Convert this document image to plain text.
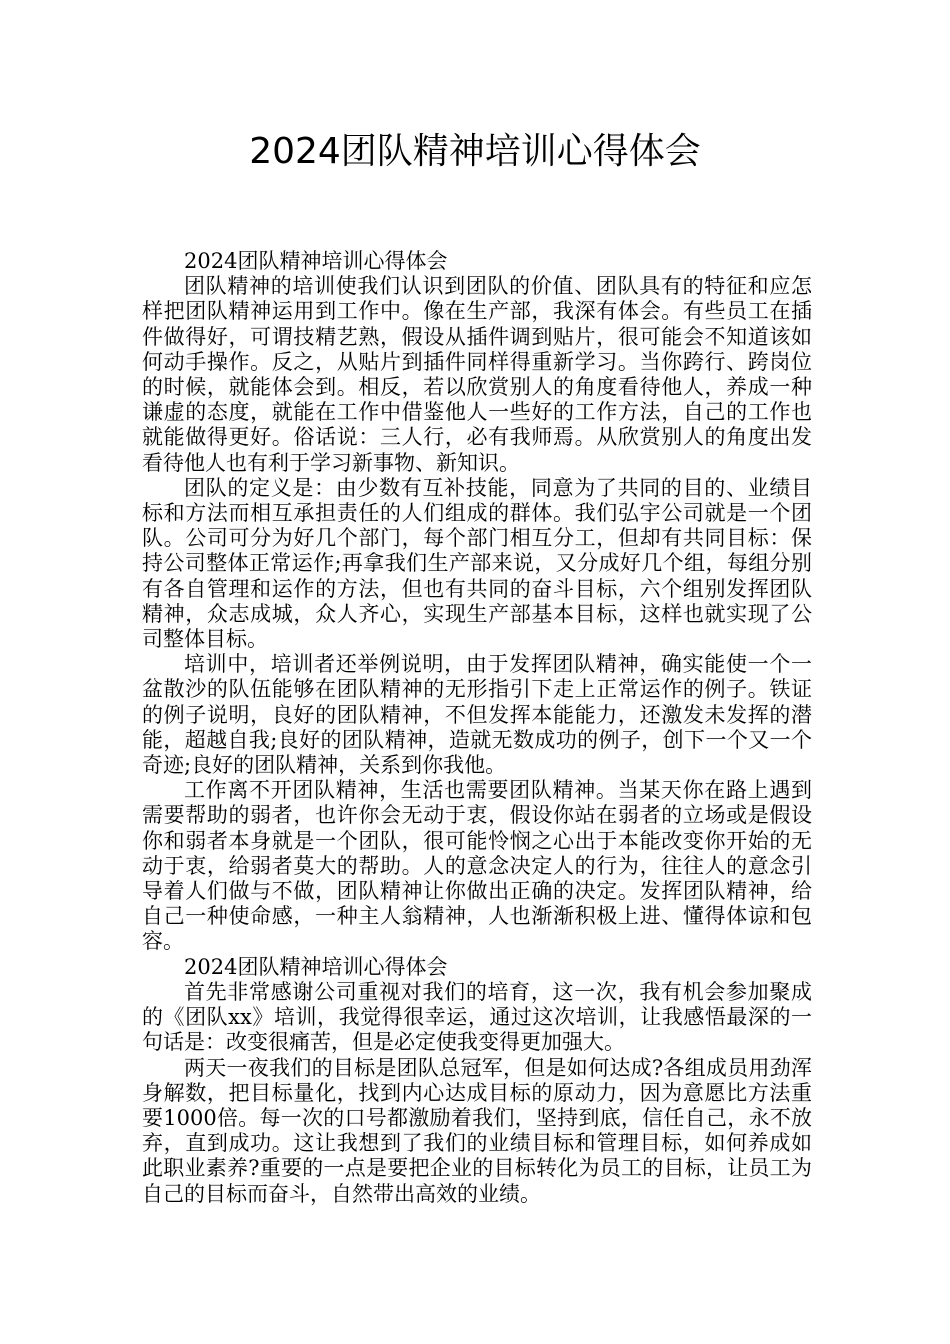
2024团队精神培训心得体会

2024团队精神培训心得体会

团队精神的培训使我们认识到团队的价值、团队具有的特征和应怎样把团队精神运用到工作中。像在生产部，我深有体会。有些员工在插件做得好，可谓技精艺熟，假设从插件调到贴片，很可能会不知道该如何动手操作。反之，从贴片到插件同样得重新学习。当你跨行、跨岗位的时候，就能体会到。相反，若以欣赏别人的角度看待他人，养成一种谦虚的态度，就能在工作中借鉴他人一些好的工作方法，自己的工作也就能做得更好。俗话说：三人行，必有我师焉。从欣赏别人的角度出发看待他人也有利于学习新事物、新知识。

团队的定义是：由少数有互补技能，同意为了共同的目的、业绩目标和方法而相互承担责任的人们组成的群体。我们弘宇公司就是一个团队。公司可分为好几个部门，每个部门相互分工，但却有共同目标：保持公司整体正常运作;再拿我们生产部来说，又分成好几个组，每组分别有各自管理和运作的方法，但也有共同的奋斗目标，六个组别发挥团队精神，众志成城，众人齐心，实现生产部基本目标，这样也就实现了公司整体目标。

培训中，培训者还举例说明，由于发挥团队精神，确实能使一个一盆散沙的队伍能够在团队精神的无形指引下走上正常运作的例子。铁证的例子说明，良好的团队精神，不但发挥本能能力，还激发未发挥的潜能，超越自我;良好的团队精神，造就无数成功的例子，创下一个又一个奇迹;良好的团队精神，关系到你我他。

工作离不开团队精神，生活也需要团队精神。当某天你在路上遇到需要帮助的弱者，也许你会无动于衷，假设你站在弱者的立场或是假设你和弱者本身就是一个团队，很可能怜悯之心出于本能改变你开始的无动于衷，给弱者莫大的帮助。人的意念决定人的行为，往往人的意念引导着人们做与不做，团队精神让你做出正确的决定。发挥团队精神，给自己一种使命感，一种主人翁精神，人也渐渐积极上进、懂得体谅和包容。

2024团队精神培训心得体会

首先非常感谢公司重视对我们的培育，这一次，我有机会参加聚成的《团队xx》培训，我觉得很幸运，通过这次培训，让我感悟最深的一句话是：改变很痛苦，但是必定使我变得更加强大。

两天一夜我们的目标是团队总冠军，但是如何达成?各组成员用劲浑身解数，把目标量化，找到内心达成目标的原动力，因为意愿比方法重要1000倍。每一次的口号都激励着我们，坚持到底，信任自己，永不放弃，直到成功。这让我想到了我们的业绩目标和管理目标，如何养成如此职业素养?重要的一点是要把企业的目标转化为员工的目标，让员工为自己的目标而奋斗，自然带出高效的业绩。
